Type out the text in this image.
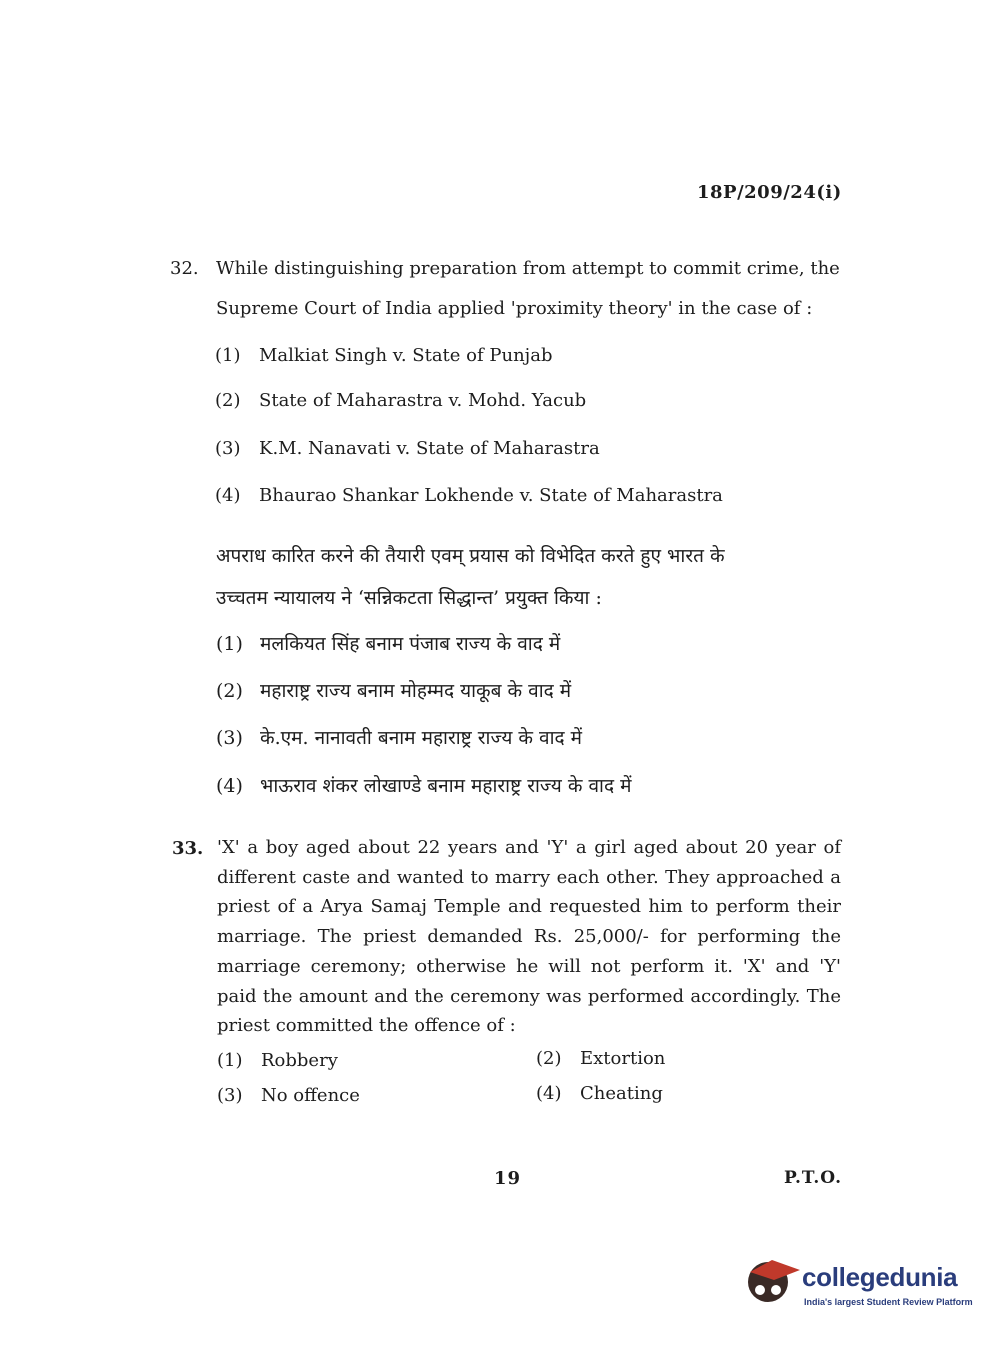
18P/209/24(i)
32. While distinguishing preparation from attempt to commit crime, the
Supreme Court of India applied 'proximity theory' in the case of :
(1) Malkiat Singh v. State of Punjab
(2) State of Maharastra v. Mohd. Yacub
(3) K.M. Nanavati v. State of Maharastra
(4) Bhaurao Shankar Lokhende v. State of Maharastra
अपराध कारित करने की तैयारी एवम् प्रयास को विभेदित करते हुए भारत के
उच्चतम न्यायालय ने ‘सन्निकटता सिद्धान्त’ प्रयुक्त किया :
(1) मलकियत सिंह बनाम पंजाब राज्य के वाद में
(2) महाराष्ट्र राज्य बनाम मोहम्मद याकूब के वाद में
(3) के.एम. नानावती बनाम महाराष्ट्र राज्य के वाद में
(4) भाऊराव शंकर लोखाण्डे बनाम महाराष्ट्र राज्य के वाद में
33. 'X' a boy aged about 22 years and 'Y' a girl aged about 20 year of different caste and wanted to marry each other. They approached a priest of a Arya Samaj Temple and requested him to perform their marriage. The priest demanded Rs. 25,000/- for performing the marriage ceremony; otherwise he will not perform it. 'X' and 'Y' paid the amount and the ceremony was performed accordingly. The priest committed the offence of :
(1) Robbery	(2) Extortion
(3) No offence	(4) Cheating
19	P.T.O.
collegedunia
India's largest Student Review Platform
